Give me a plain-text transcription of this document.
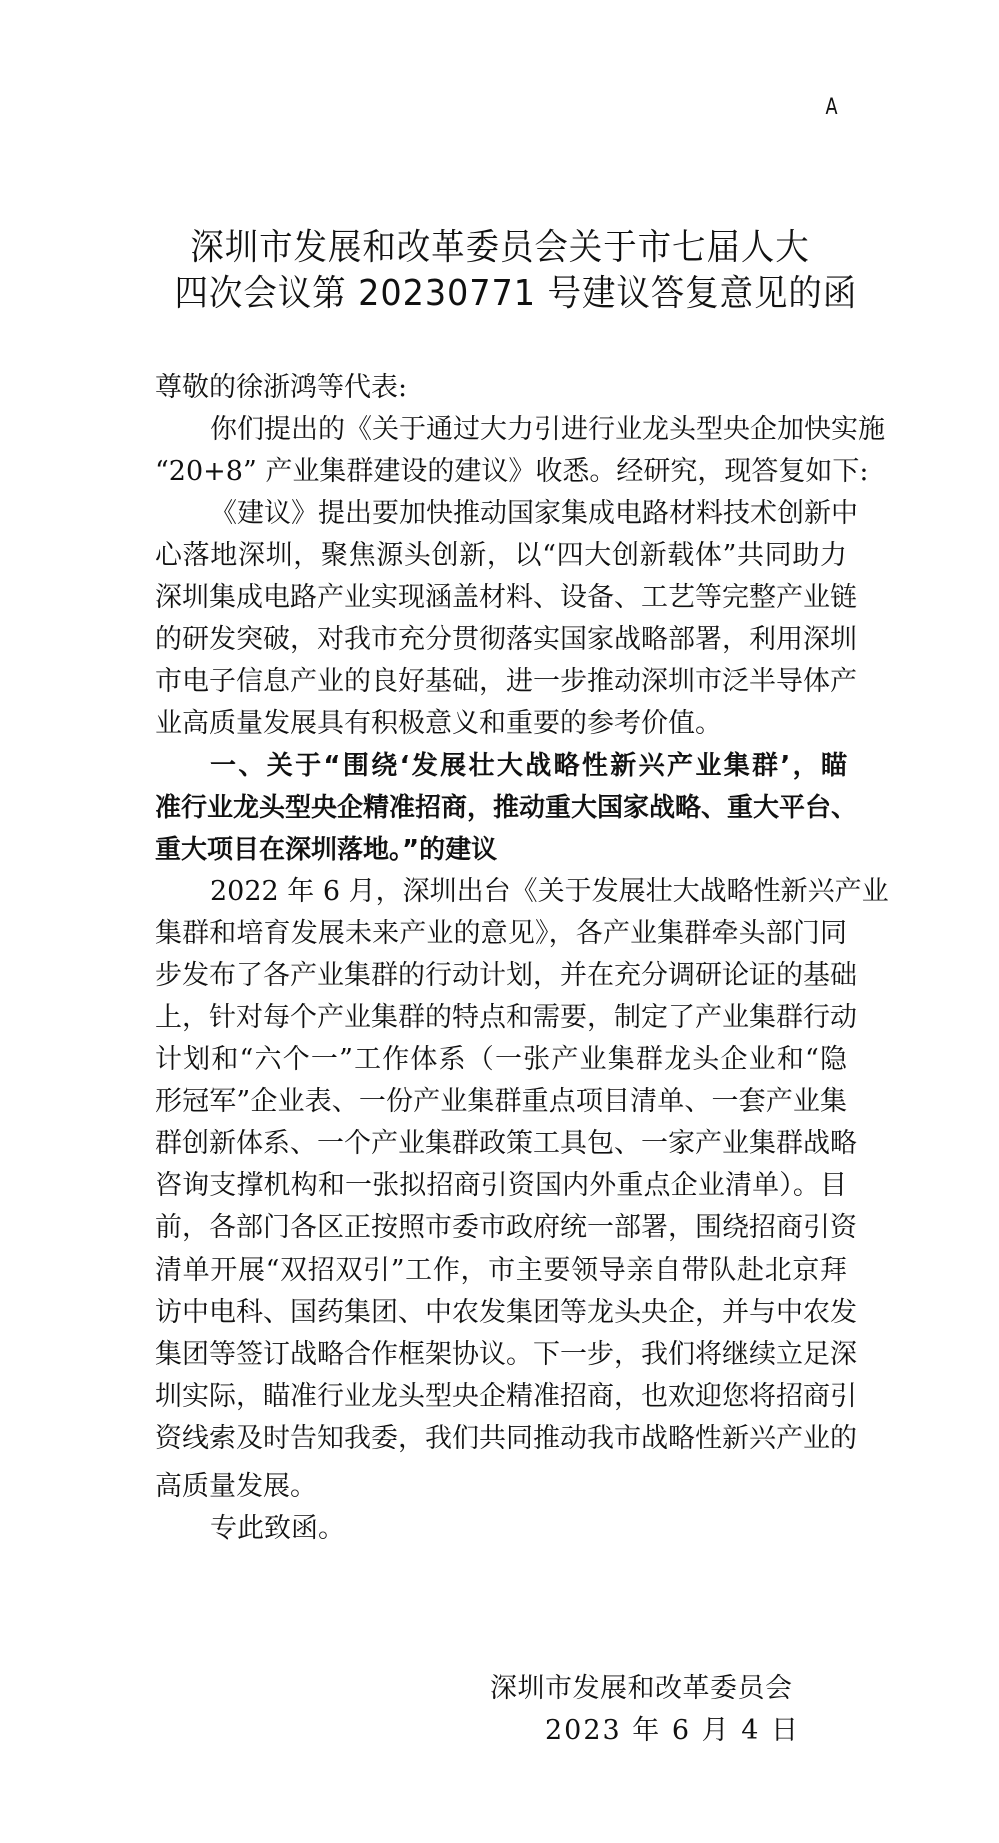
A
深圳市发展和改革委员会关于市七届人大
四次会议第 20230771 号建议答复意见的函
尊敬的徐浙鸿等代表:
你们提出的《关于通过大力引进行业龙头型央企加快实施
“20+8” 产业集群建设的建议》收悉。经研究，现答复如下:
《建议》提出要加快推动国家集成电路材料技术创新中
心落地深圳，聚焦源头创新，以“四大创新载体”共同助力
深圳集成电路产业实现涵盖材料、设备、工艺等完整产业链
的研发突破，对我市充分贯彻落实国家战略部署，利用深圳
市电子信息产业的良好基础，进一步推动深圳市泛半导体产
业高质量发展具有积极意义和重要的参考价值。
一、关于“围绕‘发展壮大战略性新兴产业集群’，瞄
准行业龙头型央企精准招商，推动重大国家战略、重大平台、
重大项目在深圳落地。”的建议
2022 年 6 月，深圳出台《关于发展壮大战略性新兴产业
集群和培育发展未来产业的意见》，各产业集群牵头部门同
步发布了各产业集群的行动计划，并在充分调研论证的基础
上，针对每个产业集群的特点和需要，制定了产业集群行动
计划和“六个一”工作体系（一张产业集群龙头企业和“隐
形冠军”企业表、一份产业集群重点项目清单、一套产业集
群创新体系、一个产业集群政策工具包、一家产业集群战略
咨询支撑机构和一张拟招商引资国内外重点企业清单）。目
前，各部门各区正按照市委市政府统一部署，围绕招商引资
清单开展“双招双引”工作，市主要领导亲自带队赴北京拜
访中电科、国药集团、中农发集团等龙头央企，并与中农发
集团等签订战略合作框架协议。下一步，我们将继续立足深
圳实际，瞄准行业龙头型央企精准招商，也欢迎您将招商引
资线索及时告知我委，我们共同推动我市战略性新兴产业的
高质量发展。
专此致函。
深圳市发展和改革委员会
2023 年 6 月 4 日
